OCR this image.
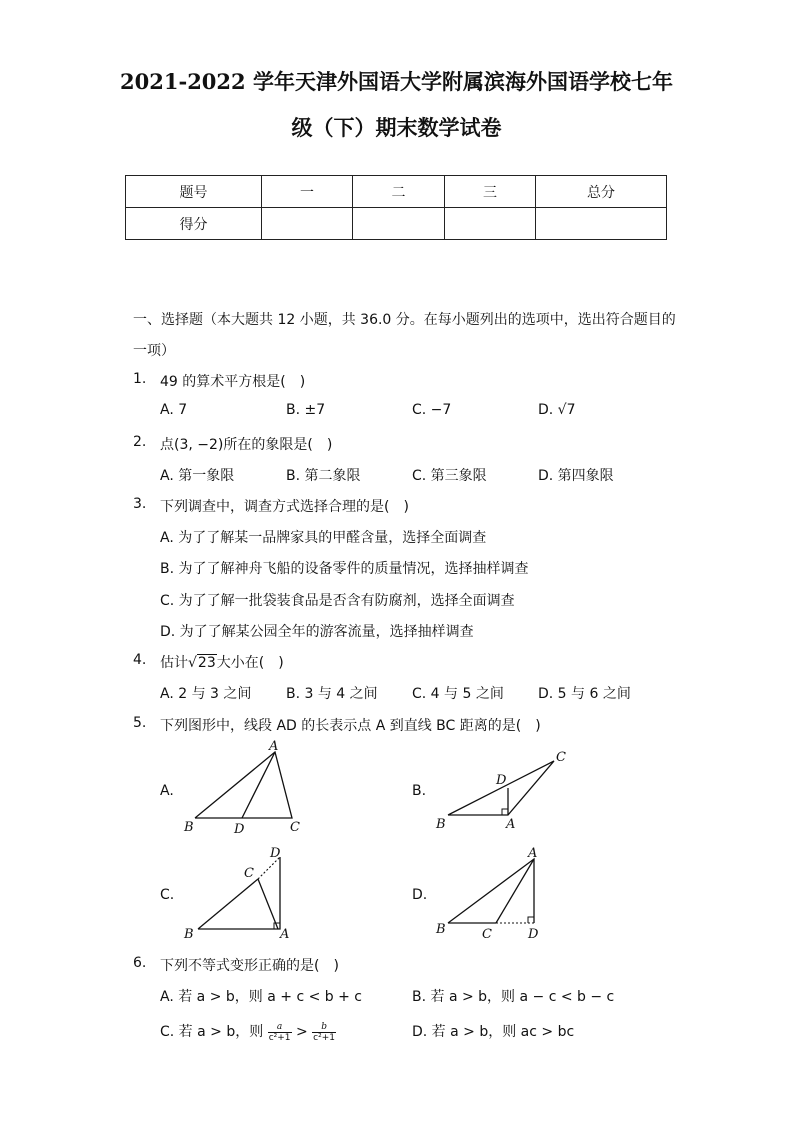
2021-2022 学年天津外国语大学附属滨海外国语学校七年
级（下）期末数学试卷
题号	一	二	三	总分
得分				
一、选择题（本大题共 12 小题，共 36.0 分。在每小题列出的选项中，选出符合题目的
一项）
1. 49 的算术平方根是(　)
A. 7	B. ±7	C. −7	D. √7
2. 点(3, −2)所在的象限是(　)
A. 第一象限	B. 第二象限	C. 第三象限	D. 第四象限
3. 下列调查中，调查方式选择合理的是(　)
A. 为了了解某一品牌家具的甲醛含量，选择全面调查
B. 为了了解神舟飞船的设备零件的质量情况，选择抽样调查
C. 为了了解一批袋装食品是否含有防腐剂，选择全面调查
D. 为了了解某公园全年的游客流量，选择抽样调查
4. 估计√23大小在(　)
A. 2 与 3 之间 B. 3 与 4 之间 C. 4 与 5 之间 D. 5 与 6 之间
5. 下列图形中，线段 AD 的长表示点 A 到直线 BC 距离的是(　)
A.	B.
C.	D.
A
B	D	C
D
C
B	A
D
C
B	A
A
B	C	D
6. 下列不等式变形正确的是(　)
A. 若 a > b，则 a + c < b + c	B. 若 a > b，则 a − c < b − c
C. 若 a > b，则 $\frac{a}{\text{c²+1}} > \frac{b}{\text{c²+1}}$	D. 若 a > b，则 ac > bc
